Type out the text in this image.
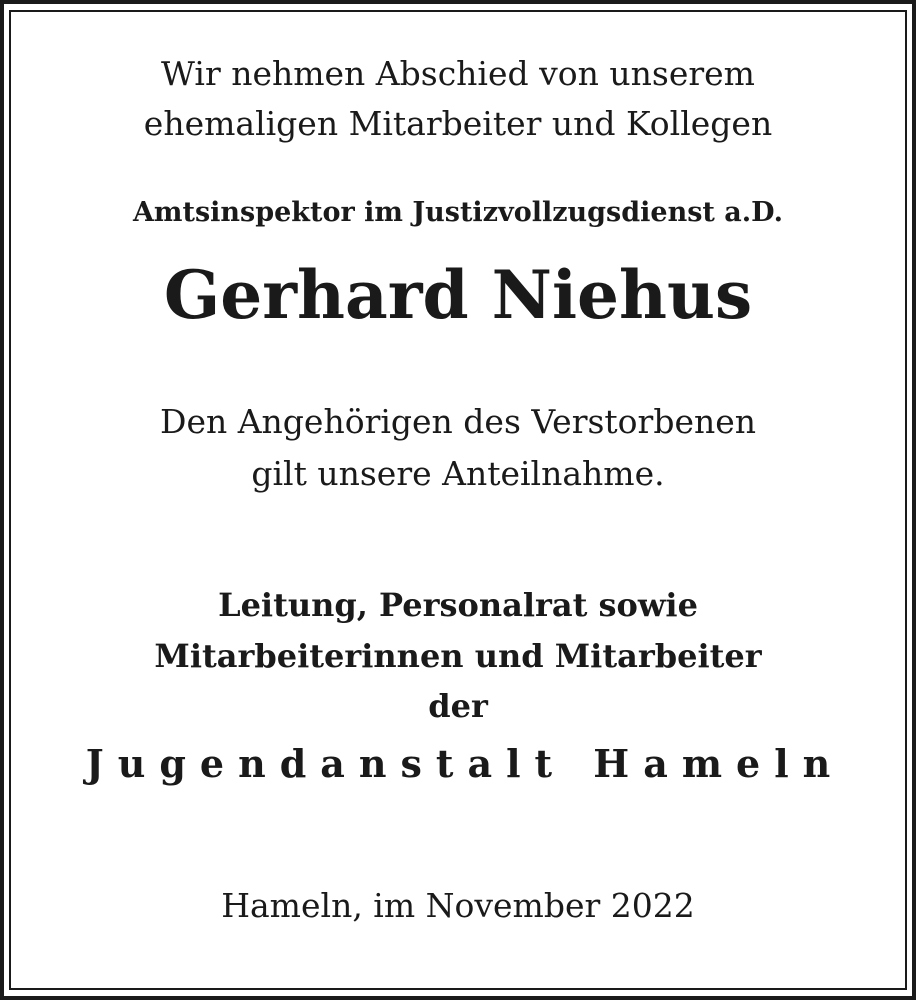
Wir nehmen Abschied von unserem
ehemaligen Mitarbeiter und Kollegen
Amtsinspektor im Justizvollzugsdienst a.D.
Gerhard Niehus
Den Angehörigen des Verstorbenen
gilt unsere Anteilnahme.
Leitung, Personalrat sowie
Mitarbeiterinnen und Mitarbeiter
der
Jugendanstalt Hameln
Hameln, im November 2022
